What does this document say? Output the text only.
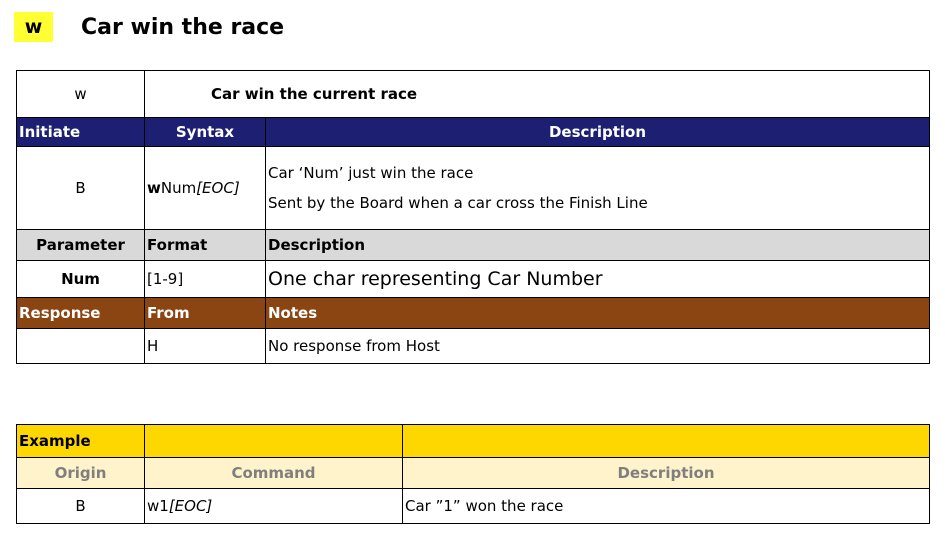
w	Car win the race
w	Car win the current race	
Initiate	Syntax	Description
B	wNum[EOC]	Car ‘Num’ just win the race
Sent by the Board when a car cross the Finish Line

Parameter	Format	Description
Num	[1-9]	One char representing Car Number
Response	From	Notes
	H	No response from Host
Example		
Origin	Command	Description
B	w1[EOC]	Car ”1” won the race
